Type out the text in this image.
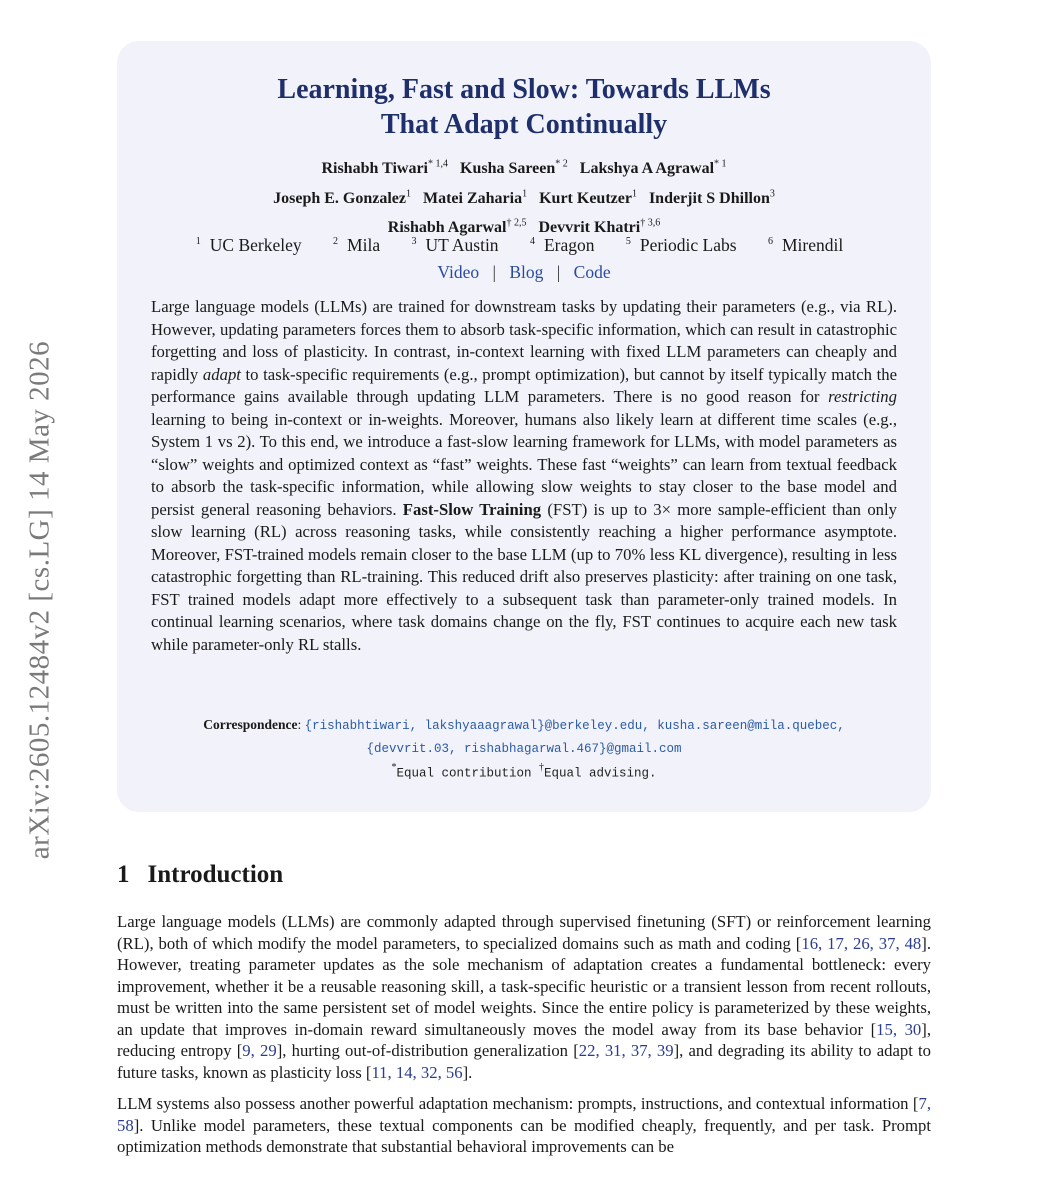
arXiv:2605.12484v2 [cs.LG] 14 May 2026
Learning, Fast and Slow: Towards LLMs
That Adapt Continually
Rishabh Tiwari$^{* 1,4}$ Kusha Sareen$^{* 2}$ Lakshya A Agrawal$^{* 1}$
Joseph E. Gonzalez$^1$ Matei Zaharia$^1$ Kurt Keutzer$^1$ Inderjit S Dhillon$^3$
Rishabh Agarwal$^{\dagger 2,5}$ Devvrit Khatri$^{\dagger 3,6}$
$^1$ UC Berkeley	$^2$ Mila	$^3$ UT Austin	$^4$ Eragon	$^5$ Periodic Labs	$^6$ Mirendil
Video | Blog | Code
Large language models (LLMs) are trained for downstream tasks by updating their parameters (e.g., via RL). However, updating parameters forces them to absorb task-specific information, which can result in catastrophic forgetting and loss of plasticity. In contrast, in-context learning with fixed LLM parameters can cheaply and rapidly adapt to task-specific requirements (e.g., prompt optimization), but cannot by itself typically match the performance gains available through updating LLM parameters. There is no good reason for restricting learning to being in-context or in-weights. Moreover, humans also likely learn at different time scales (e.g., System 1 vs 2). To this end, we introduce a fast-slow learning framework for LLMs, with model parameters as “slow” weights and optimized context as “fast” weights. These fast “weights” can learn from textual feedback to absorb the task-specific information, while allowing slow weights to stay closer to the base model and persist general reasoning behaviors. Fast-Slow Training (FST) is up to 3× more sample-efficient than only slow learning (RL) across reasoning tasks, while consistently reaching a higher performance asymptote. Moreover, FST-trained models remain closer to the base LLM (up to 70% less KL divergence), resulting in less catastrophic forgetting than RL-training. This reduced drift also preserves plasticity: after training on one task, FST trained models adapt more effectively to a subsequent task than parameter-only trained models. In continual learning scenarios, where task domains change on the fly, FST continues to acquire each new task while parameter-only RL stalls.
Correspondence: {rishabhtiwari, lakshyaaagrawal}@berkeley.edu, kusha.sareen@mila.quebec,
{devvrit.03, rishabhagarwal.467}@gmail.com
*Equal contribution †Equal advising.
1 Introduction

Large language models (LLMs) are commonly adapted through supervised finetuning (SFT) or reinforcement learning (RL), both of which modify the model parameters, to specialized domains such as math and coding [16, 17, 26, 37, 48]. However, treating parameter updates as the sole mechanism of adaptation creates a fundamental bottleneck: every improvement, whether it be a reusable reasoning skill, a task-specific heuristic or a transient lesson from recent rollouts, must be written into the same persistent set of model weights. Since the entire policy is parameterized by these weights, an update that improves in-domain reward simultaneously moves the model away from its base behavior [15, 30], reducing entropy [9, 29], hurting out-of-distribution generalization [22, 31, 37, 39], and degrading its ability to adapt to future tasks, known as plasticity loss [11, 14, 32, 56].

LLM systems also possess another powerful adaptation mechanism: prompts, instructions, and contextual information [7, 58]. Unlike model parameters, these textual components can be modified cheaply, frequently, and per task. Prompt optimization methods demonstrate that substantial behavioral improvements can be
